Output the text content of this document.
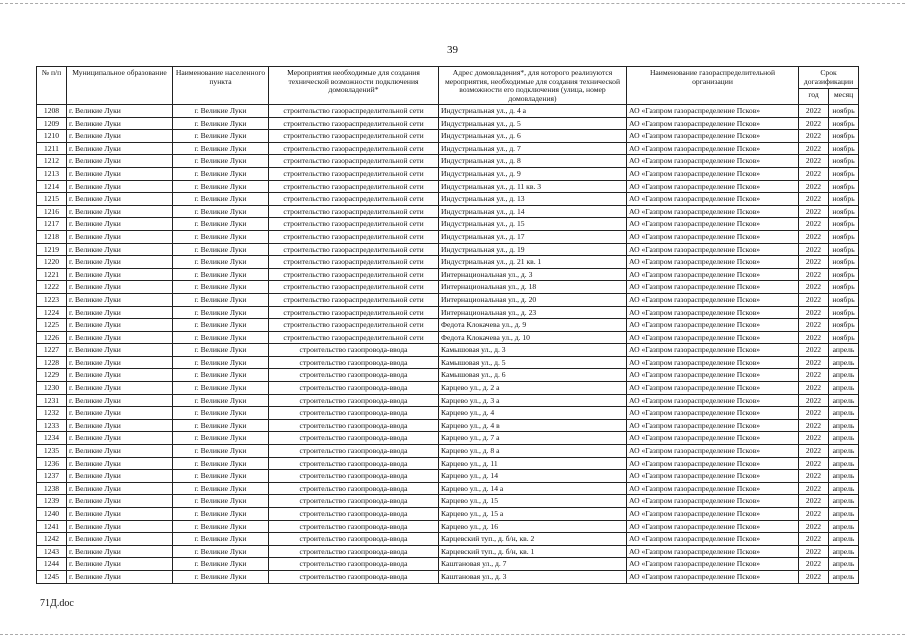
39
№ п/п	Муниципальное образование	Наименование населенного пункта	Мероприятия необходимые для создания технической возможности подключения домовладений*	Адрес домовладения*, для которого реализуются мероприятия, необходимые для создания технической возможности его подключения (улица, номер домовладения)	Наименование газораспределительной организации	Срок догазификации	
						год	месяц
1208	г. Великие Луки	г. Великие Луки	строительство газораспределительной сети	Индустриальная ул., д. 4 а	АО «Газпром газораспределение Псков»	2022	ноябрь
1209	г. Великие Луки	г. Великие Луки	строительство газораспределительной сети	Индустриальная ул., д. 5	АО «Газпром газораспределение Псков»	2022	ноябрь
1210	г. Великие Луки	г. Великие Луки	строительство газораспределительной сети	Индустриальная ул., д. 6	АО «Газпром газораспределение Псков»	2022	ноябрь
1211	г. Великие Луки	г. Великие Луки	строительство газораспределительной сети	Индустриальная ул., д. 7	АО «Газпром газораспределение Псков»	2022	ноябрь
1212	г. Великие Луки	г. Великие Луки	строительство газораспределительной сети	Индустриальная ул., д. 8	АО «Газпром газораспределение Псков»	2022	ноябрь
1213	г. Великие Луки	г. Великие Луки	строительство газораспределительной сети	Индустриальная ул., д. 9	АО «Газпром газораспределение Псков»	2022	ноябрь
1214	г. Великие Луки	г. Великие Луки	строительство газораспределительной сети	Индустриальная ул., д. 11 кв. 3	АО «Газпром газораспределение Псков»	2022	ноябрь
1215	г. Великие Луки	г. Великие Луки	строительство газораспределительной сети	Индустриальная ул., д. 13	АО «Газпром газораспределение Псков»	2022	ноябрь
1216	г. Великие Луки	г. Великие Луки	строительство газораспределительной сети	Индустриальная ул., д. 14	АО «Газпром газораспределение Псков»	2022	ноябрь
1217	г. Великие Луки	г. Великие Луки	строительство газораспределительной сети	Индустриальная ул., д. 15	АО «Газпром газораспределение Псков»	2022	ноябрь
1218	г. Великие Луки	г. Великие Луки	строительство газораспределительной сети	Индустриальная ул., д. 17	АО «Газпром газораспределение Псков»	2022	ноябрь
1219	г. Великие Луки	г. Великие Луки	строительство газораспределительной сети	Индустриальная ул., д. 19	АО «Газпром газораспределение Псков»	2022	ноябрь
1220	г. Великие Луки	г. Великие Луки	строительство газораспределительной сети	Индустриальная ул., д. 21 кв. 1	АО «Газпром газораспределение Псков»	2022	ноябрь
1221	г. Великие Луки	г. Великие Луки	строительство газораспределительной сети	Интернациональная ул., д. 3	АО «Газпром газораспределение Псков»	2022	ноябрь
1222	г. Великие Луки	г. Великие Луки	строительство газораспределительной сети	Интернациональная ул., д. 18	АО «Газпром газораспределение Псков»	2022	ноябрь
1223	г. Великие Луки	г. Великие Луки	строительство газораспределительной сети	Интернациональная ул., д. 20	АО «Газпром газораспределение Псков»	2022	ноябрь
1224	г. Великие Луки	г. Великие Луки	строительство газораспределительной сети	Интернациональная ул., д. 23	АО «Газпром газораспределение Псков»	2022	ноябрь
1225	г. Великие Луки	г. Великие Луки	строительство газораспределительной сети	Федота Клокачева ул., д. 9	АО «Газпром газораспределение Псков»	2022	ноябрь
1226	г. Великие Луки	г. Великие Луки	строительство газораспределительной сети	Федота Клокачева ул., д. 10	АО «Газпром газораспределение Псков»	2022	ноябрь
1227	г. Великие Луки	г. Великие Луки	строительство газопровода-ввода	Камышовая ул., д. 3	АО «Газпром газораспределение Псков»	2022	апрель
1228	г. Великие Луки	г. Великие Луки	строительство газопровода-ввода	Камышовая ул., д. 5	АО «Газпром газораспределение Псков»	2022	апрель
1229	г. Великие Луки	г. Великие Луки	строительство газопровода-ввода	Камышовая ул., д. 6	АО «Газпром газораспределение Псков»	2022	апрель
1230	г. Великие Луки	г. Великие Луки	строительство газопровода-ввода	Карцево ул., д. 2 а	АО «Газпром газораспределение Псков»	2022	апрель
1231	г. Великие Луки	г. Великие Луки	строительство газопровода-ввода	Карцево ул., д. 3 а	АО «Газпром газораспределение Псков»	2022	апрель
1232	г. Великие Луки	г. Великие Луки	строительство газопровода-ввода	Карцево ул., д. 4	АО «Газпром газораспределение Псков»	2022	апрель
1233	г. Великие Луки	г. Великие Луки	строительство газопровода-ввода	Карцево ул., д. 4 в	АО «Газпром газораспределение Псков»	2022	апрель
1234	г. Великие Луки	г. Великие Луки	строительство газопровода-ввода	Карцево ул., д. 7 а	АО «Газпром газораспределение Псков»	2022	апрель
1235	г. Великие Луки	г. Великие Луки	строительство газопровода-ввода	Карцево ул., д. 8 а	АО «Газпром газораспределение Псков»	2022	апрель
1236	г. Великие Луки	г. Великие Луки	строительство газопровода-ввода	Карцево ул., д. 11	АО «Газпром газораспределение Псков»	2022	апрель
1237	г. Великие Луки	г. Великие Луки	строительство газопровода-ввода	Карцево ул., д. 14	АО «Газпром газораспределение Псков»	2022	апрель
1238	г. Великие Луки	г. Великие Луки	строительство газопровода-ввода	Карцево ул., д. 14 а	АО «Газпром газораспределение Псков»	2022	апрель
1239	г. Великие Луки	г. Великие Луки	строительство газопровода-ввода	Карцево ул., д. 15	АО «Газпром газораспределение Псков»	2022	апрель
1240	г. Великие Луки	г. Великие Луки	строительство газопровода-ввода	Карцево ул., д. 15 а	АО «Газпром газораспределение Псков»	2022	апрель
1241	г. Великие Луки	г. Великие Луки	строительство газопровода-ввода	Карцево ул., д. 16	АО «Газпром газораспределение Псков»	2022	апрель
1242	г. Великие Луки	г. Великие Луки	строительство газопровода-ввода	Карцевский туп., д. б/н, кв. 2	АО «Газпром газораспределение Псков»	2022	апрель
1243	г. Великие Луки	г. Великие Луки	строительство газопровода-ввода	Карцевский туп., д. б/н, кв. 1	АО «Газпром газораспределение Псков»	2022	апрель
1244	г. Великие Луки	г. Великие Луки	строительство газопровода-ввода	Каштановая ул., д. 7	АО «Газпром газораспределение Псков»	2022	апрель
1245	г. Великие Луки	г. Великие Луки	строительство газопровода-ввода	Каштановая ул., д. 3	АО «Газпром газораспределение Псков»	2022	апрель
71Д.doc
